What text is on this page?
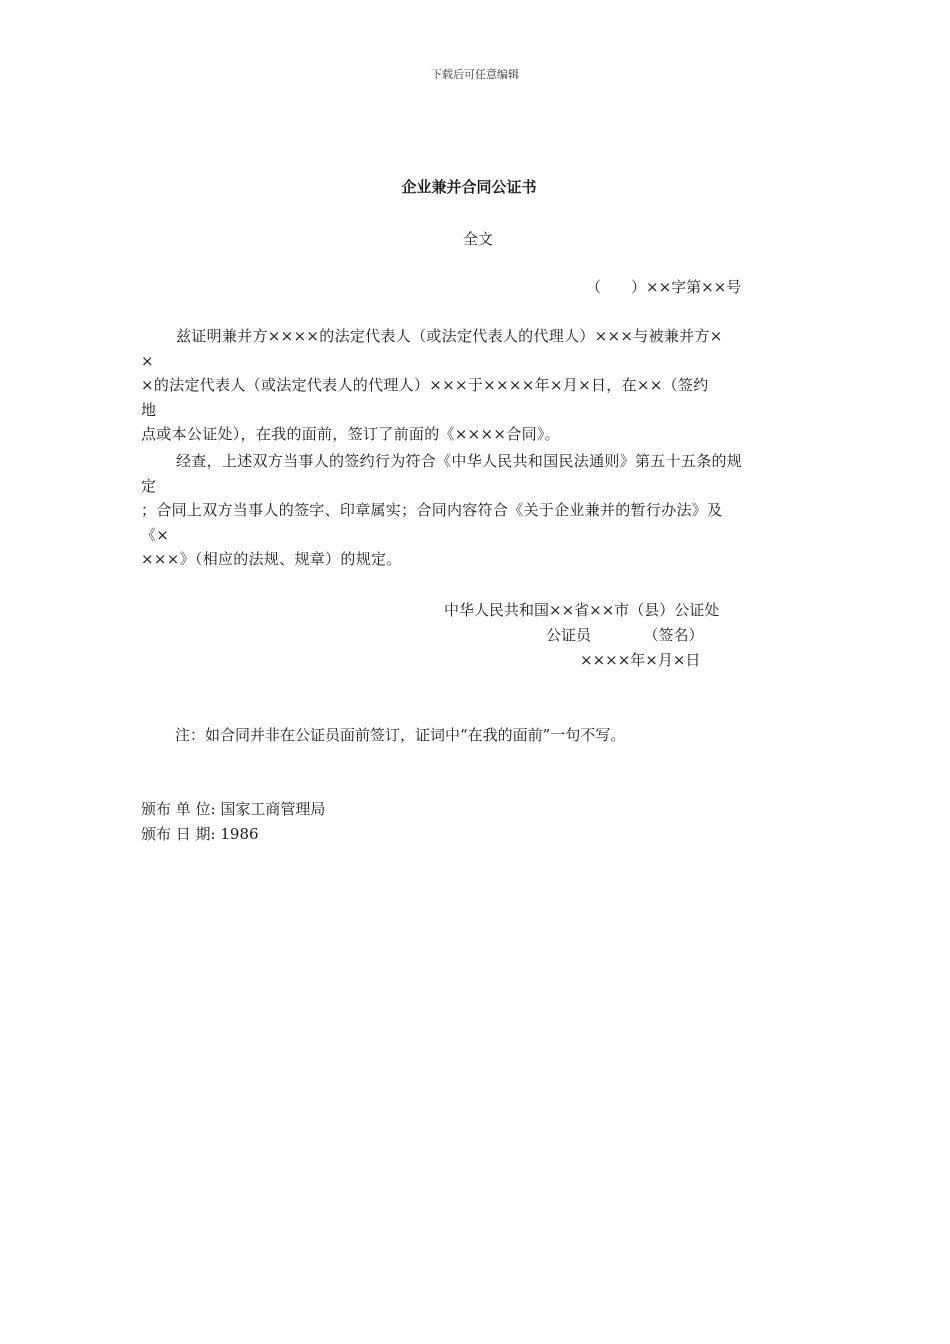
下载后可任意编辑
企业兼并合同公证书
全文
（　　）××字第××号
兹证明兼并方××××的法定代表人（或法定代表人的代理人）×××与被兼并方×
×
×的法定代表人（或法定代表人的代理人）×××于××××年×月×日，在××（签约
地
点或本公证处），在我的面前，签订了前面的《××××合同》。
经查，上述双方当事人的签约行为符合《中华人民共和国民法通则》第五十五条的规
定
；合同上双方当事人的签字、印章属实；合同内容符合《关于企业兼并的暂行办法》及
《×
×××》（相应的法规、规章）的规定。
中华人民共和国××省××市（县）公证处
公证员　　　　（签名）
××××年×月×日
注：如合同并非在公证员面前签订，证词中“在我的面前”一句不写。
颁布 单 位: 国家工商管理局
颁布 日 期: 1986
